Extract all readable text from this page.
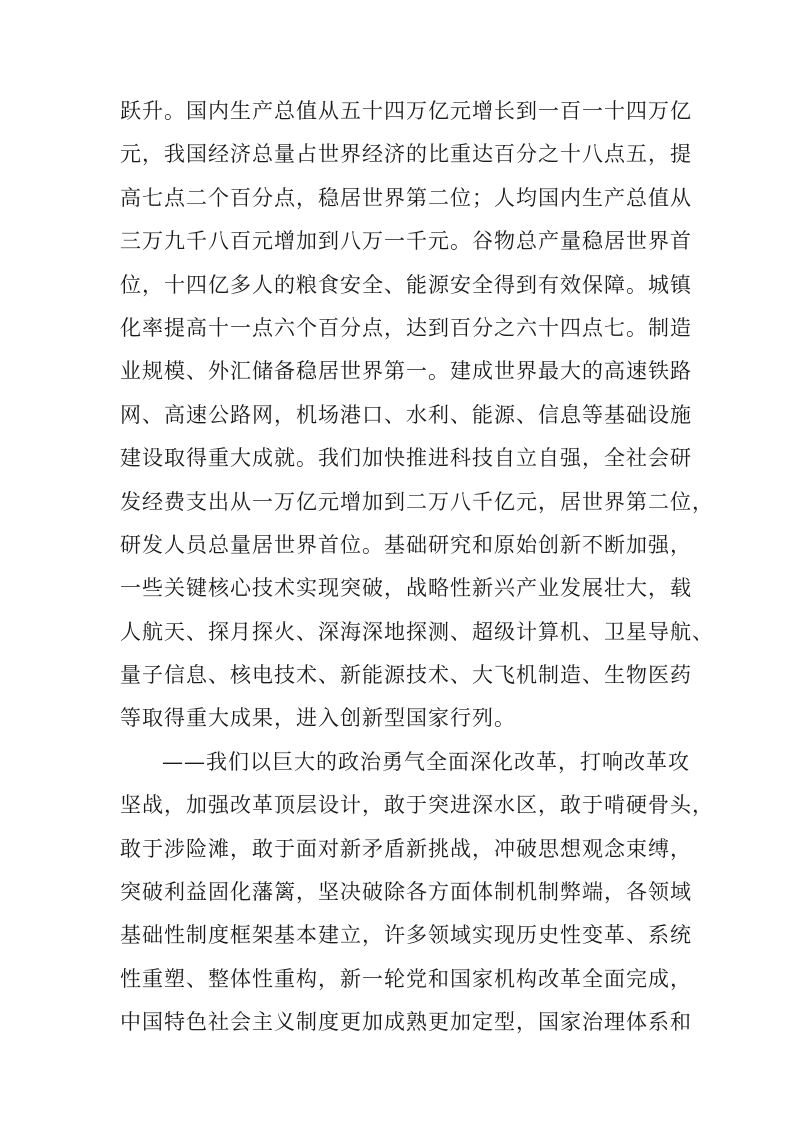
跃升。国内生产总值从五十四万亿元增长到一百一十四万亿
元，我国经济总量占世界经济的比重达百分之十八点五，提
高七点二个百分点，稳居世界第二位；人均国内生产总值从
三万九千八百元增加到八万一千元。谷物总产量稳居世界首
位，十四亿多人的粮食安全、能源安全得到有效保障。城镇
化率提高十一点六个百分点，达到百分之六十四点七。制造
业规模、外汇储备稳居世界第一。建成世界最大的高速铁路
网、高速公路网，机场港口、水利、能源、信息等基础设施
建设取得重大成就。我们加快推进科技自立自强，全社会研
发经费支出从一万亿元增加到二万八千亿元，居世界第二位，
研发人员总量居世界首位。基础研究和原始创新不断加强，
一些关键核心技术实现突破，战略性新兴产业发展壮大，载
人航天、探月探火、深海深地探测、超级计算机、卫星导航、
量子信息、核电技术、新能源技术、大飞机制造、生物医药
等取得重大成果，进入创新型国家行列。
——我们以巨大的政治勇气全面深化改革，打响改革攻
坚战，加强改革顶层设计，敢于突进深水区，敢于啃硬骨头，
敢于涉险滩，敢于面对新矛盾新挑战，冲破思想观念束缚，
突破利益固化藩篱，坚决破除各方面体制机制弊端，各领域
基础性制度框架基本建立，许多领域实现历史性变革、系统
性重塑、整体性重构，新一轮党和国家机构改革全面完成，
中国特色社会主义制度更加成熟更加定型，国家治理体系和
